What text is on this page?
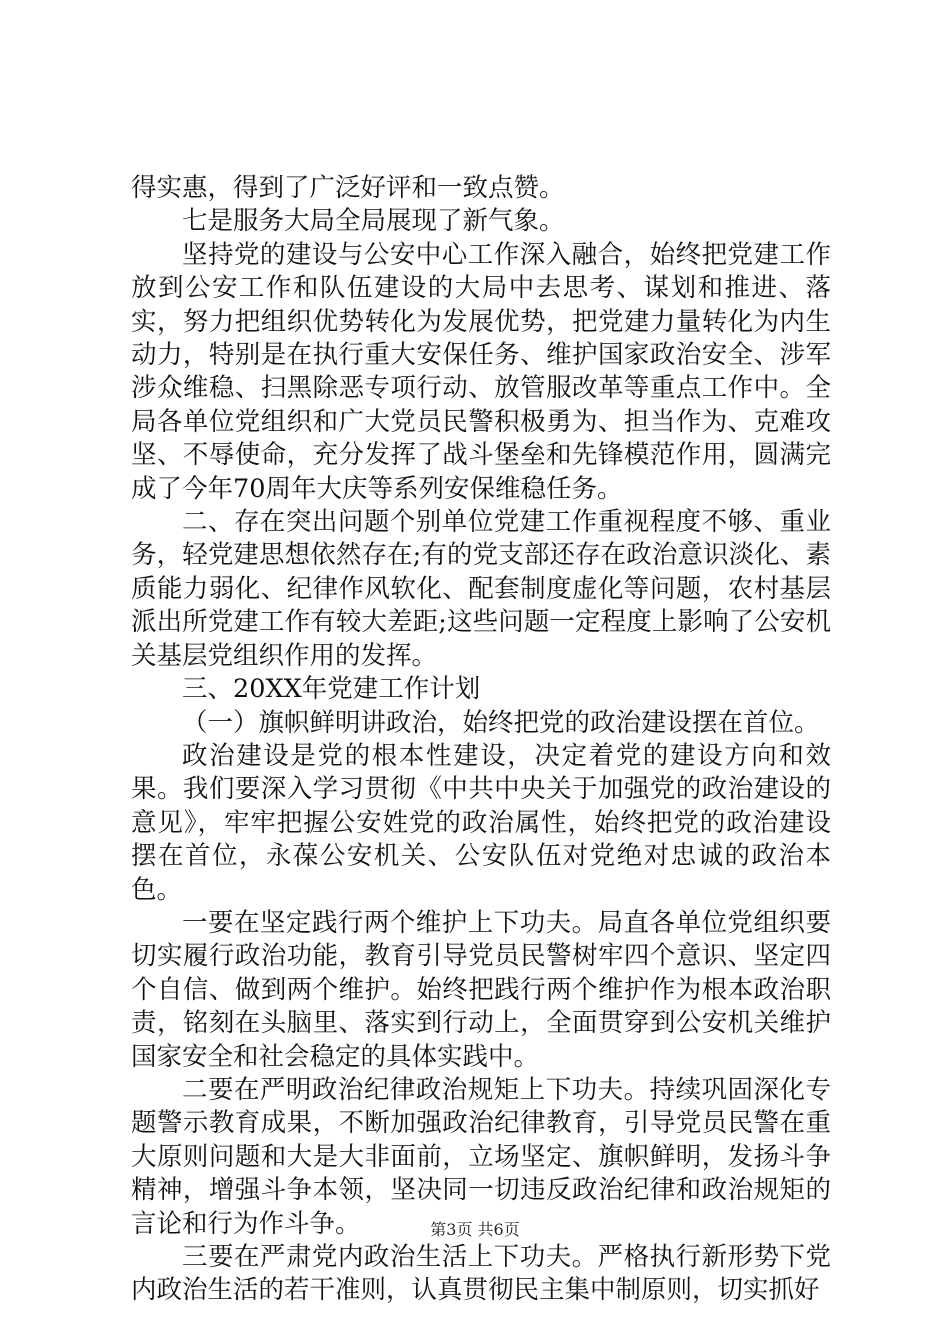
得实惠，得到了广泛好评和一致点赞。

七是服务大局全局展现了新气象。

坚持党的建设与公安中心工作深入融合，始终把党建工作放到公安工作和队伍建设的大局中去思考、谋划和推进、落实，努力把组织优势转化为发展优势，把党建力量转化为内生动力，特别是在执行重大安保任务、维护国家政治安全、涉军涉众维稳、扫黑除恶专项行动、放管服改革等重点工作中。全局各单位党组织和广大党员民警积极勇为、担当作为、克难攻坚、不辱使命，充分发挥了战斗堡垒和先锋模范作用，圆满完成了今年70周年大庆等系列安保维稳任务。

二、存在突出问题个别单位党建工作重视程度不够、重业务，轻党建思想依然存在;有的党支部还存在政治意识淡化、素质能力弱化、纪律作风软化、配套制度虚化等问题，农村基层派出所党建工作有较大差距;这些问题一定程度上影响了公安机关基层党组织作用的发挥。

三、20XX年党建工作计划

（一）旗帜鲜明讲政治，始终把党的政治建设摆在首位。

政治建设是党的根本性建设，决定着党的建设方向和效果。我们要深入学习贯彻《中共中央关于加强党的政治建设的意见》，牢牢把握公安姓党的政治属性，始终把党的政治建设摆在首位，永葆公安机关、公安队伍对党绝对忠诚的政治本色。

一要在坚定践行两个维护上下功夫。局直各单位党组织要切实履行政治功能，教育引导党员民警树牢四个意识、坚定四个自信、做到两个维护。始终把践行两个维护作为根本政治职责，铭刻在头脑里、落实到行动上，全面贯穿到公安机关维护国家安全和社会稳定的具体实践中。

二要在严明政治纪律政治规矩上下功夫。持续巩固深化专题警示教育成果，不断加强政治纪律教育，引导党员民警在重大原则问题和大是大非面前，立场坚定、旗帜鲜明，发扬斗争精神，增强斗争本领，坚决同一切违反政治纪律和政治规矩的言论和行为作斗争。

三要在严肃党内政治生活上下功夫。严格执行新形势下党内政治生活的若干准则，认真贯彻民主集中制原则，切实抓好

第3页 共6页
